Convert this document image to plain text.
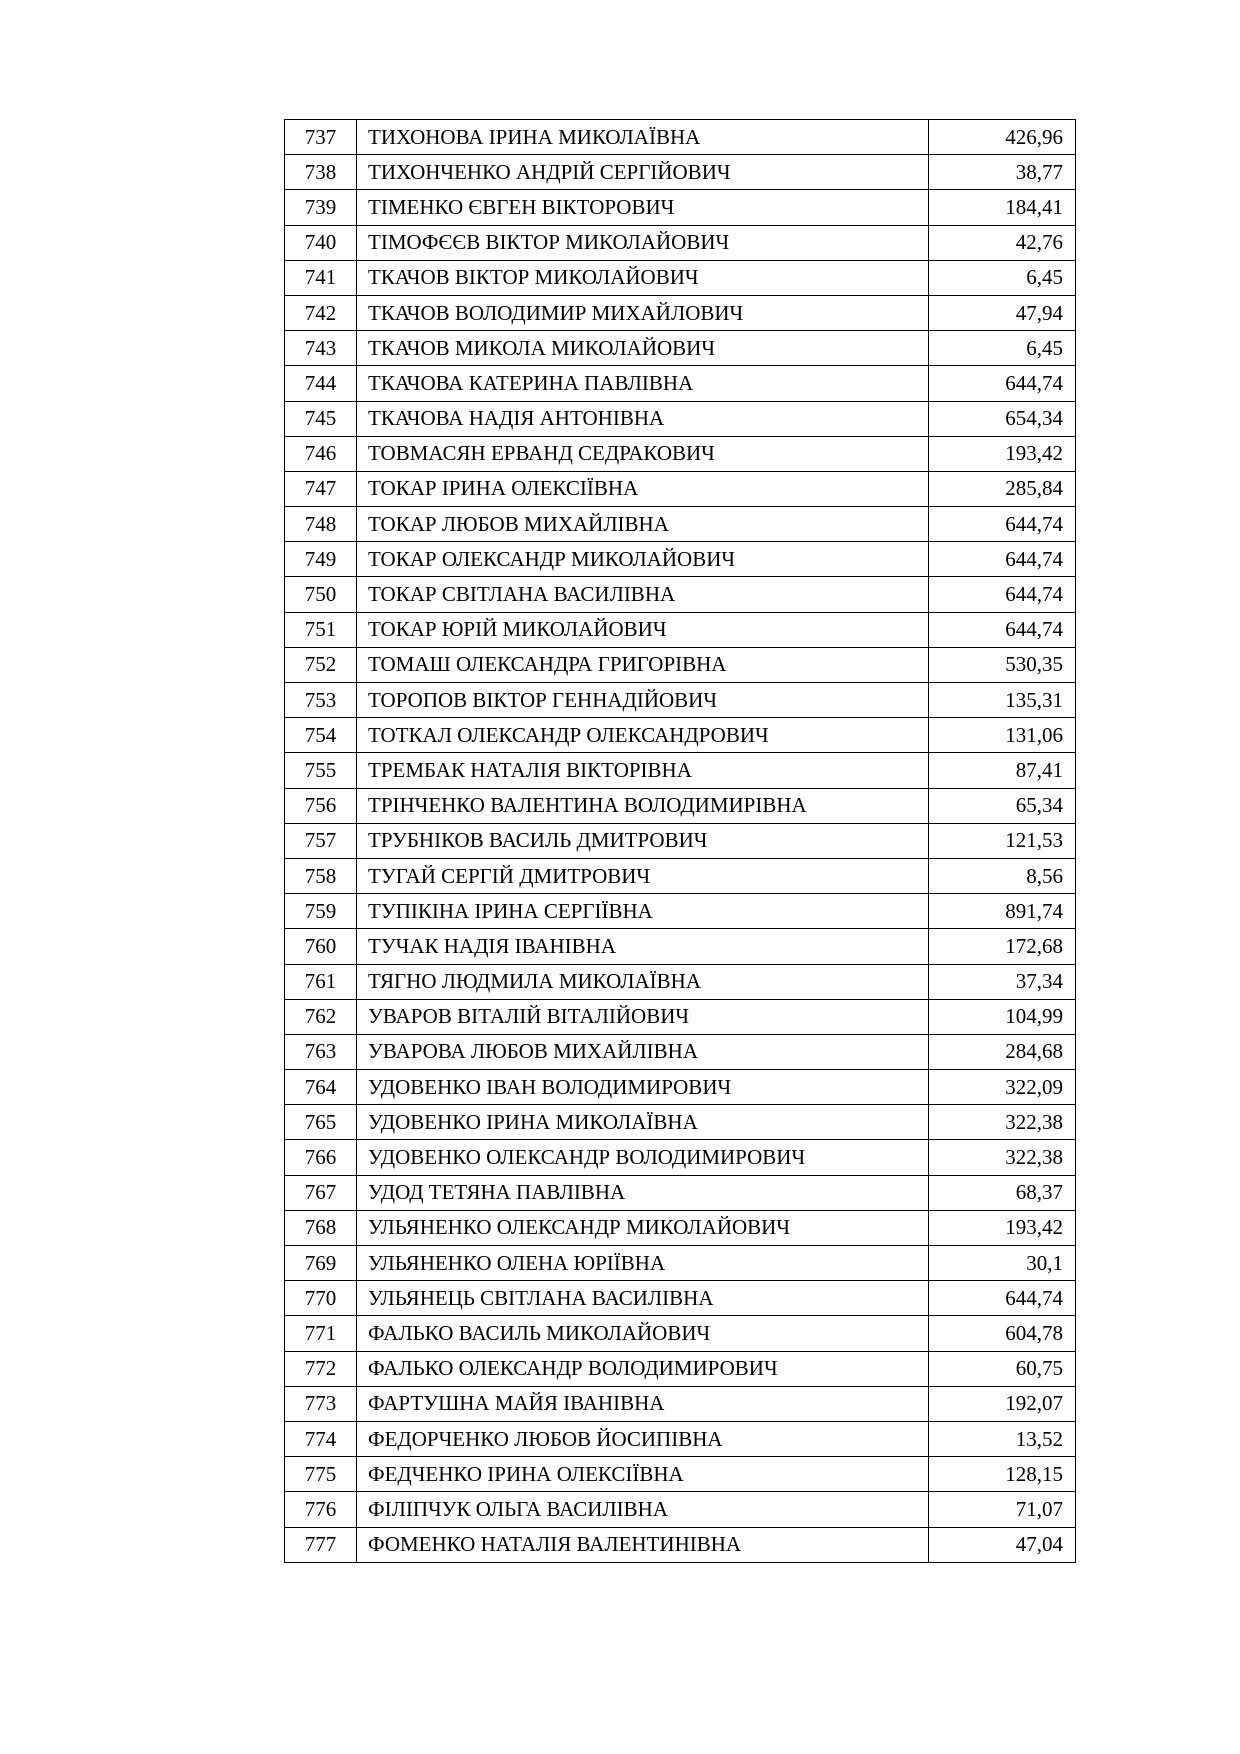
737	ТИХОНОВА ІРИНА МИКОЛАЇВНА	426,96
738	ТИХОНЧЕНКО АНДРІЙ СЕРГІЙОВИЧ	38,77
739	ТІМЕНКО ЄВГЕН ВІКТОРОВИЧ	184,41
740	ТІМОФЄЄВ ВІКТОР МИКОЛАЙОВИЧ	42,76
741	ТКАЧОВ ВІКТОР МИКОЛАЙОВИЧ	6,45
742	ТКАЧОВ ВОЛОДИМИР МИХАЙЛОВИЧ	47,94
743	ТКАЧОВ МИКОЛА МИКОЛАЙОВИЧ	6,45
744	ТКАЧОВА КАТЕРИНА ПАВЛІВНА	644,74
745	ТКАЧОВА НАДІЯ АНТОНІВНА	654,34
746	ТОВМАСЯН ЕРВАНД СЕДРАКОВИЧ	193,42
747	ТОКАР ІРИНА ОЛЕКСІЇВНА	285,84
748	ТОКАР ЛЮБОВ МИХАЙЛІВНА	644,74
749	ТОКАР ОЛЕКСАНДР МИКОЛАЙОВИЧ	644,74
750	ТОКАР СВІТЛАНА ВАСИЛІВНА	644,74
751	ТОКАР ЮРІЙ МИКОЛАЙОВИЧ	644,74
752	ТОМАШ ОЛЕКСАНДРА ГРИГОРІВНА	530,35
753	ТОРОПОВ ВІКТОР ГЕННАДІЙОВИЧ	135,31
754	ТОТКАЛ ОЛЕКСАНДР ОЛЕКСАНДРОВИЧ	131,06
755	ТРЕМБАК НАТАЛІЯ ВІКТОРІВНА	87,41
756	ТРІНЧЕНКО ВАЛЕНТИНА ВОЛОДИМИРІВНА	65,34
757	ТРУБНІКОВ ВАСИЛЬ ДМИТРОВИЧ	121,53
758	ТУГАЙ СЕРГІЙ ДМИТРОВИЧ	8,56
759	ТУПІКІНА ІРИНА СЕРГІЇВНА	891,74
760	ТУЧАК НАДІЯ ІВАНІВНА	172,68
761	ТЯГНО ЛЮДМИЛА МИКОЛАЇВНА	37,34
762	УВАРОВ ВІТАЛІЙ ВІТАЛІЙОВИЧ	104,99
763	УВАРОВА ЛЮБОВ МИХАЙЛІВНА	284,68
764	УДОВЕНКО ІВАН ВОЛОДИМИРОВИЧ	322,09
765	УДОВЕНКО ІРИНА МИКОЛАЇВНА	322,38
766	УДОВЕНКО ОЛЕКСАНДР ВОЛОДИМИРОВИЧ	322,38
767	УДОД ТЕТЯНА ПАВЛІВНА	68,37
768	УЛЬЯНЕНКО ОЛЕКСАНДР МИКОЛАЙОВИЧ	193,42
769	УЛЬЯНЕНКО ОЛЕНА ЮРІЇВНА	30,1
770	УЛЬЯНЕЦЬ СВІТЛАНА ВАСИЛІВНА	644,74
771	ФАЛЬКО ВАСИЛЬ МИКОЛАЙОВИЧ	604,78
772	ФАЛЬКО ОЛЕКСАНДР ВОЛОДИМИРОВИЧ	60,75
773	ФАРТУШНА МАЙЯ ІВАНІВНА	192,07
774	ФЕДОРЧЕНКО ЛЮБОВ ЙОСИПІВНА	13,52
775	ФЕДЧЕНКО ІРИНА ОЛЕКСІЇВНА	128,15
776	ФІЛІПЧУК ОЛЬГА ВАСИЛІВНА	71,07
777	ФОМЕНКО НАТАЛІЯ ВАЛЕНТИНІВНА	47,04
